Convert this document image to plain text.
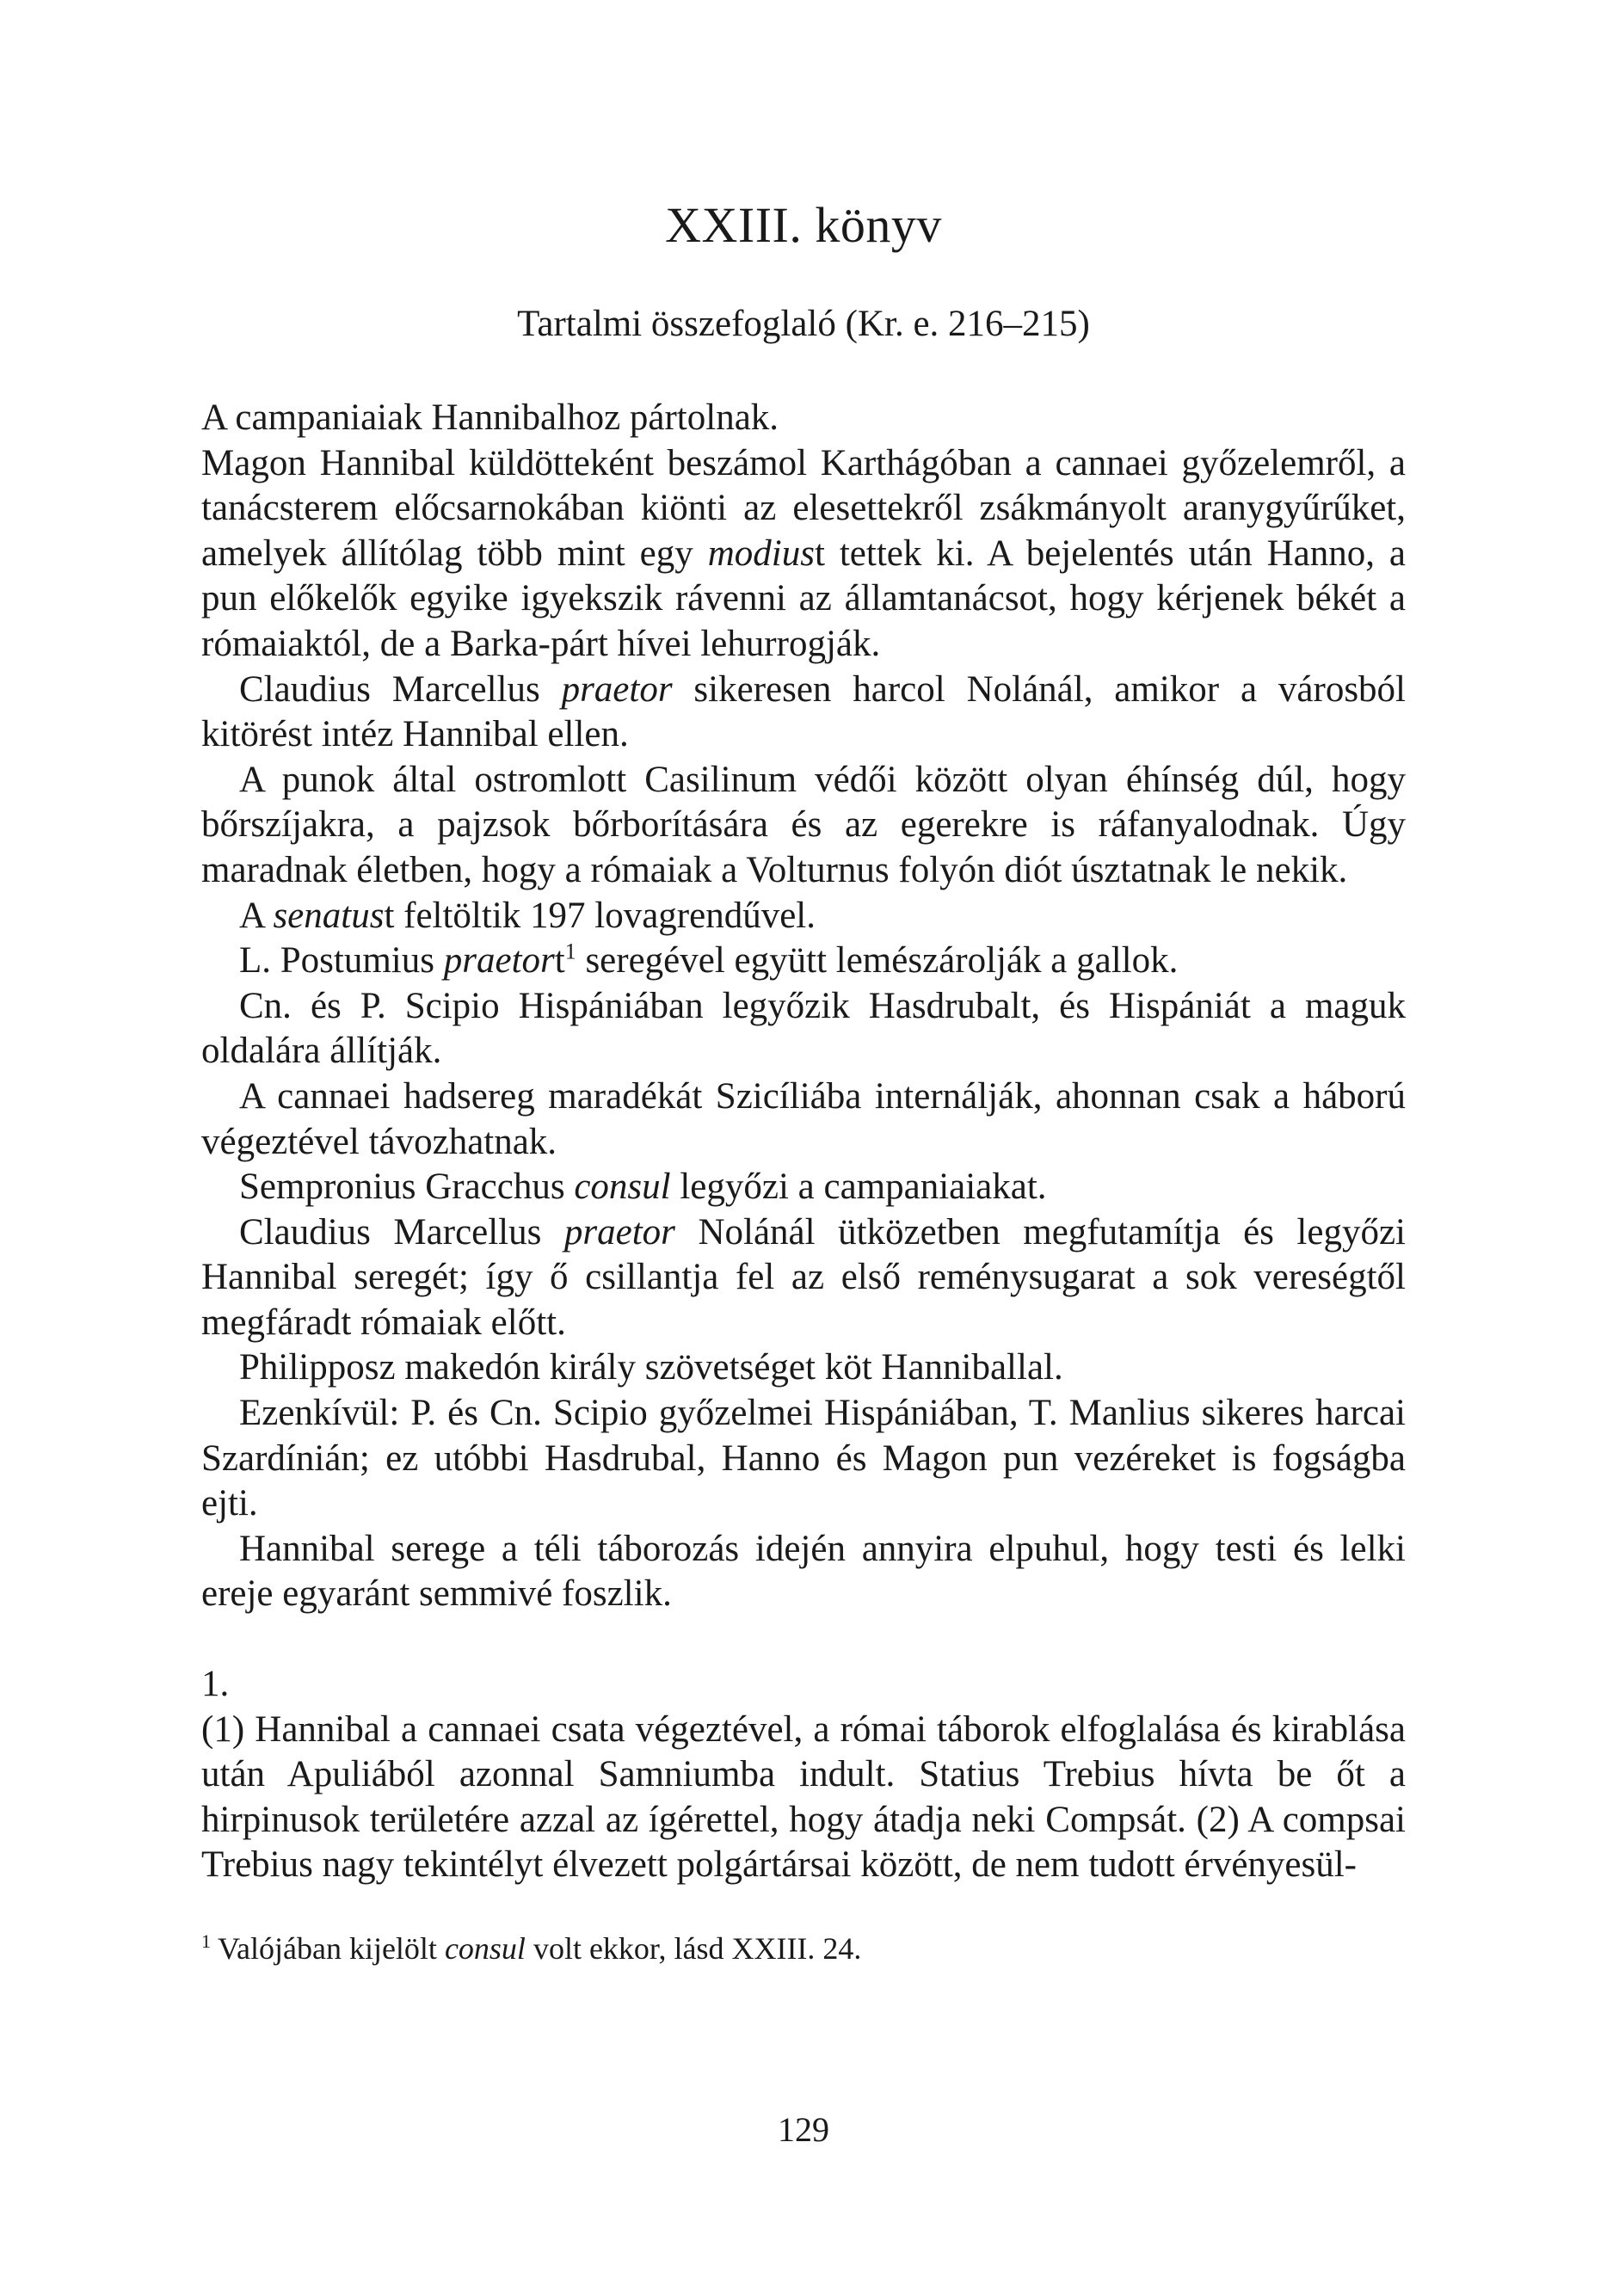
XXIII. könyv
Tartalmi összefoglaló (Kr. e. 216–215)

A campaniaiak Hannibalhoz pártolnak.

Magon Hannibal küldötteként beszámol Karthágóban a cannaei győzelemről, a tanácsterem előcsarnokában kiönti az elesettekről zsákmányolt aranygyűrűket, amelyek állítólag több mint egy modiust tettek ki. A bejelentés után Hanno, a pun előkelők egyike igyekszik rávenni az államtanácsot, hogy kérjenek békét a rómaiaktól, de a Barka-párt hívei lehurrogják.

Claudius Marcellus praetor sikeresen harcol Nolánál, amikor a városból kitörést intéz Hannibal ellen.

A punok által ostromlott Casilinum védői között olyan éhínség dúl, hogy bőrszíjakra, a pajzsok bőrborítására és az egerekre is ráfanyalodnak. Úgy maradnak életben, hogy a rómaiak a Volturnus folyón diót úsztatnak le nekik.

A senatust feltöltik 197 lovagrendűvel.

L. Postumius praetort$^1$ seregével együtt lemészárolják a gallok.

Cn. és P. Scipio Hispániában legyőzik Hasdrubalt, és Hispániát a maguk oldalára állítják.

A cannaei hadsereg maradékát Szicíliába internálják, ahonnan csak a háború végeztével távozhatnak.

Sempronius Gracchus consul legyőzi a campaniaiakat.

Claudius Marcellus praetor Nolánál ütközetben megfutamítja és legyőzi Hannibal seregét; így ő csillantja fel az első reménysugarat a sok vereségtől megfáradt rómaiak előtt.

Philipposz makedón király szövetséget köt Hanniballal.

Ezenkívül: P. és Cn. Scipio győzelmei Hispániában, T. Manlius sikeres harcai Szardínián; ez utóbbi Hasdrubal, Hanno és Magon pun vezéreket is fogságba ejti.

Hannibal serege a téli táborozás idején annyira elpuhul, hogy testi és lelki ereje egyaránt semmivé foszlik.

1.

(1) Hannibal a cannaei csata végeztével, a római táborok elfoglalása és kirablása után Apuliából azonnal Samniumba indult. Statius Trebius hívta be őt a hirpinusok területére azzal az ígérettel, hogy átadja neki Compsát. (2) A compsai Trebius nagy tekintélyt élvezett polgártársai között, de nem tudott érvényesül-

$^1$ Valójában kijelölt consul volt ekkor, lásd XXIII. 24.
129
